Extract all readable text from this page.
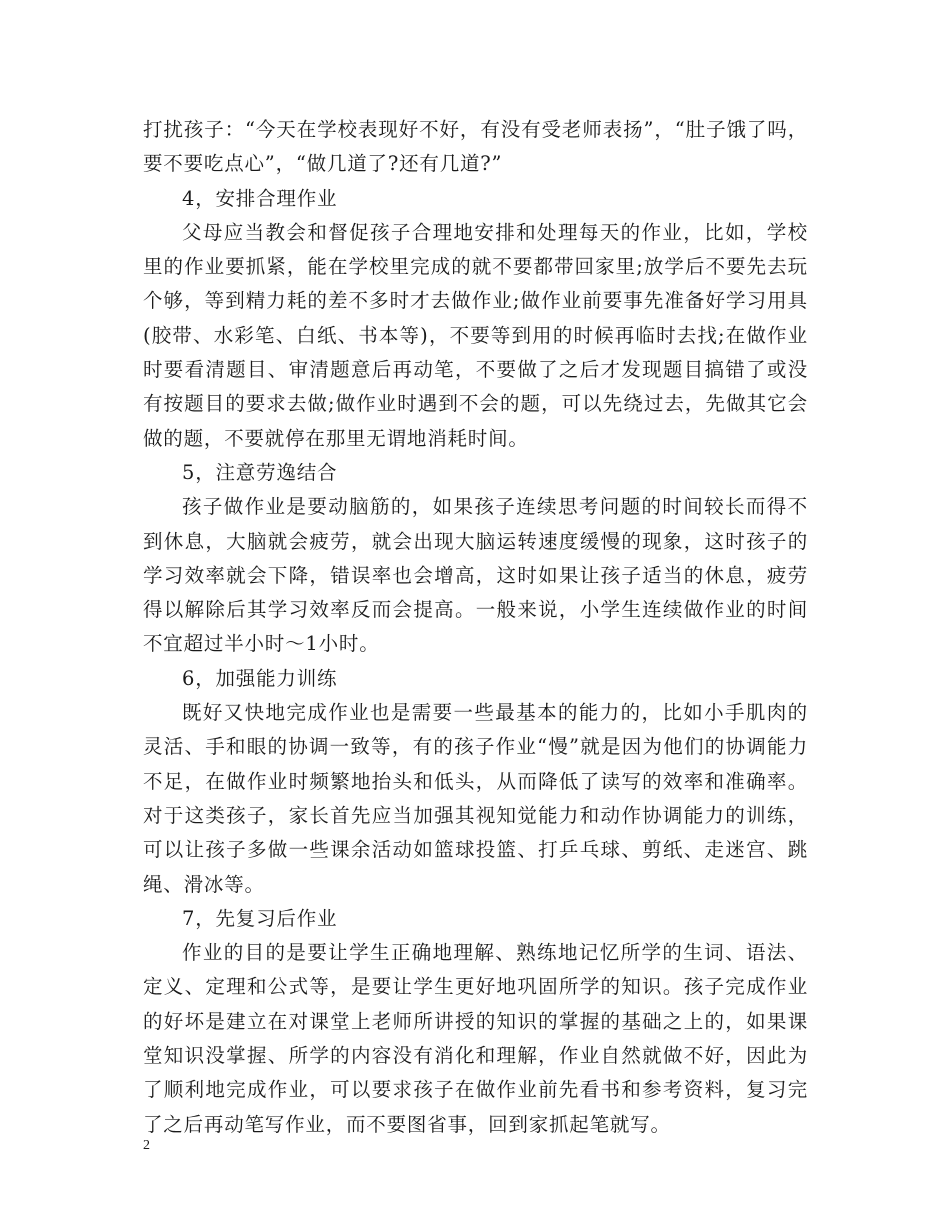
打扰孩子：“今天在学校表现好不好，有没有受老师表扬”，“肚子饿了吗，要不要吃点心”，“做几道了?还有几道?”

4，安排合理作业

父母应当教会和督促孩子合理地安排和处理每天的作业，比如，学校里的作业要抓紧，能在学校里完成的就不要都带回家里;放学后不要先去玩个够，等到精力耗的差不多时才去做作业;做作业前要事先准备好学习用具(胶带、水彩笔、白纸、书本等)，不要等到用的时候再临时去找;在做作业时要看清题目、审清题意后再动笔，不要做了之后才发现题目搞错了或没有按题目的要求去做;做作业时遇到不会的题，可以先绕过去，先做其它会做的题，不要就停在那里无谓地消耗时间。

5，注意劳逸结合

孩子做作业是要动脑筋的，如果孩子连续思考问题的时间较长而得不到休息，大脑就会疲劳，就会出现大脑运转速度缓慢的现象，这时孩子的学习效率就会下降，错误率也会增高，这时如果让孩子适当的休息，疲劳得以解除后其学习效率反而会提高。一般来说，小学生连续做作业的时间不宜超过半小时～1小时。

6，加强能力训练

既好又快地完成作业也是需要一些最基本的能力的，比如小手肌肉的灵活、手和眼的协调一致等，有的孩子作业“慢”就是因为他们的协调能力不足，在做作业时频繁地抬头和低头，从而降低了读写的效率和准确率。对于这类孩子，家长首先应当加强其视知觉能力和动作协调能力的训练，可以让孩子多做一些课余活动如篮球投篮、打乒乓球、剪纸、走迷宫、跳绳、滑冰等。

7，先复习后作业

作业的目的是要让学生正确地理解、熟练地记忆所学的生词、语法、定义、定理和公式等，是要让学生更好地巩固所学的知识。孩子完成作业的好坏是建立在对课堂上老师所讲授的知识的掌握的基础之上的，如果课堂知识没掌握、所学的内容没有消化和理解，作业自然就做不好，因此为了顺利地完成作业，可以要求孩子在做作业前先看书和参考资料，复习完了之后再动笔写作业，而不要图省事，回到家抓起笔就写。

2
